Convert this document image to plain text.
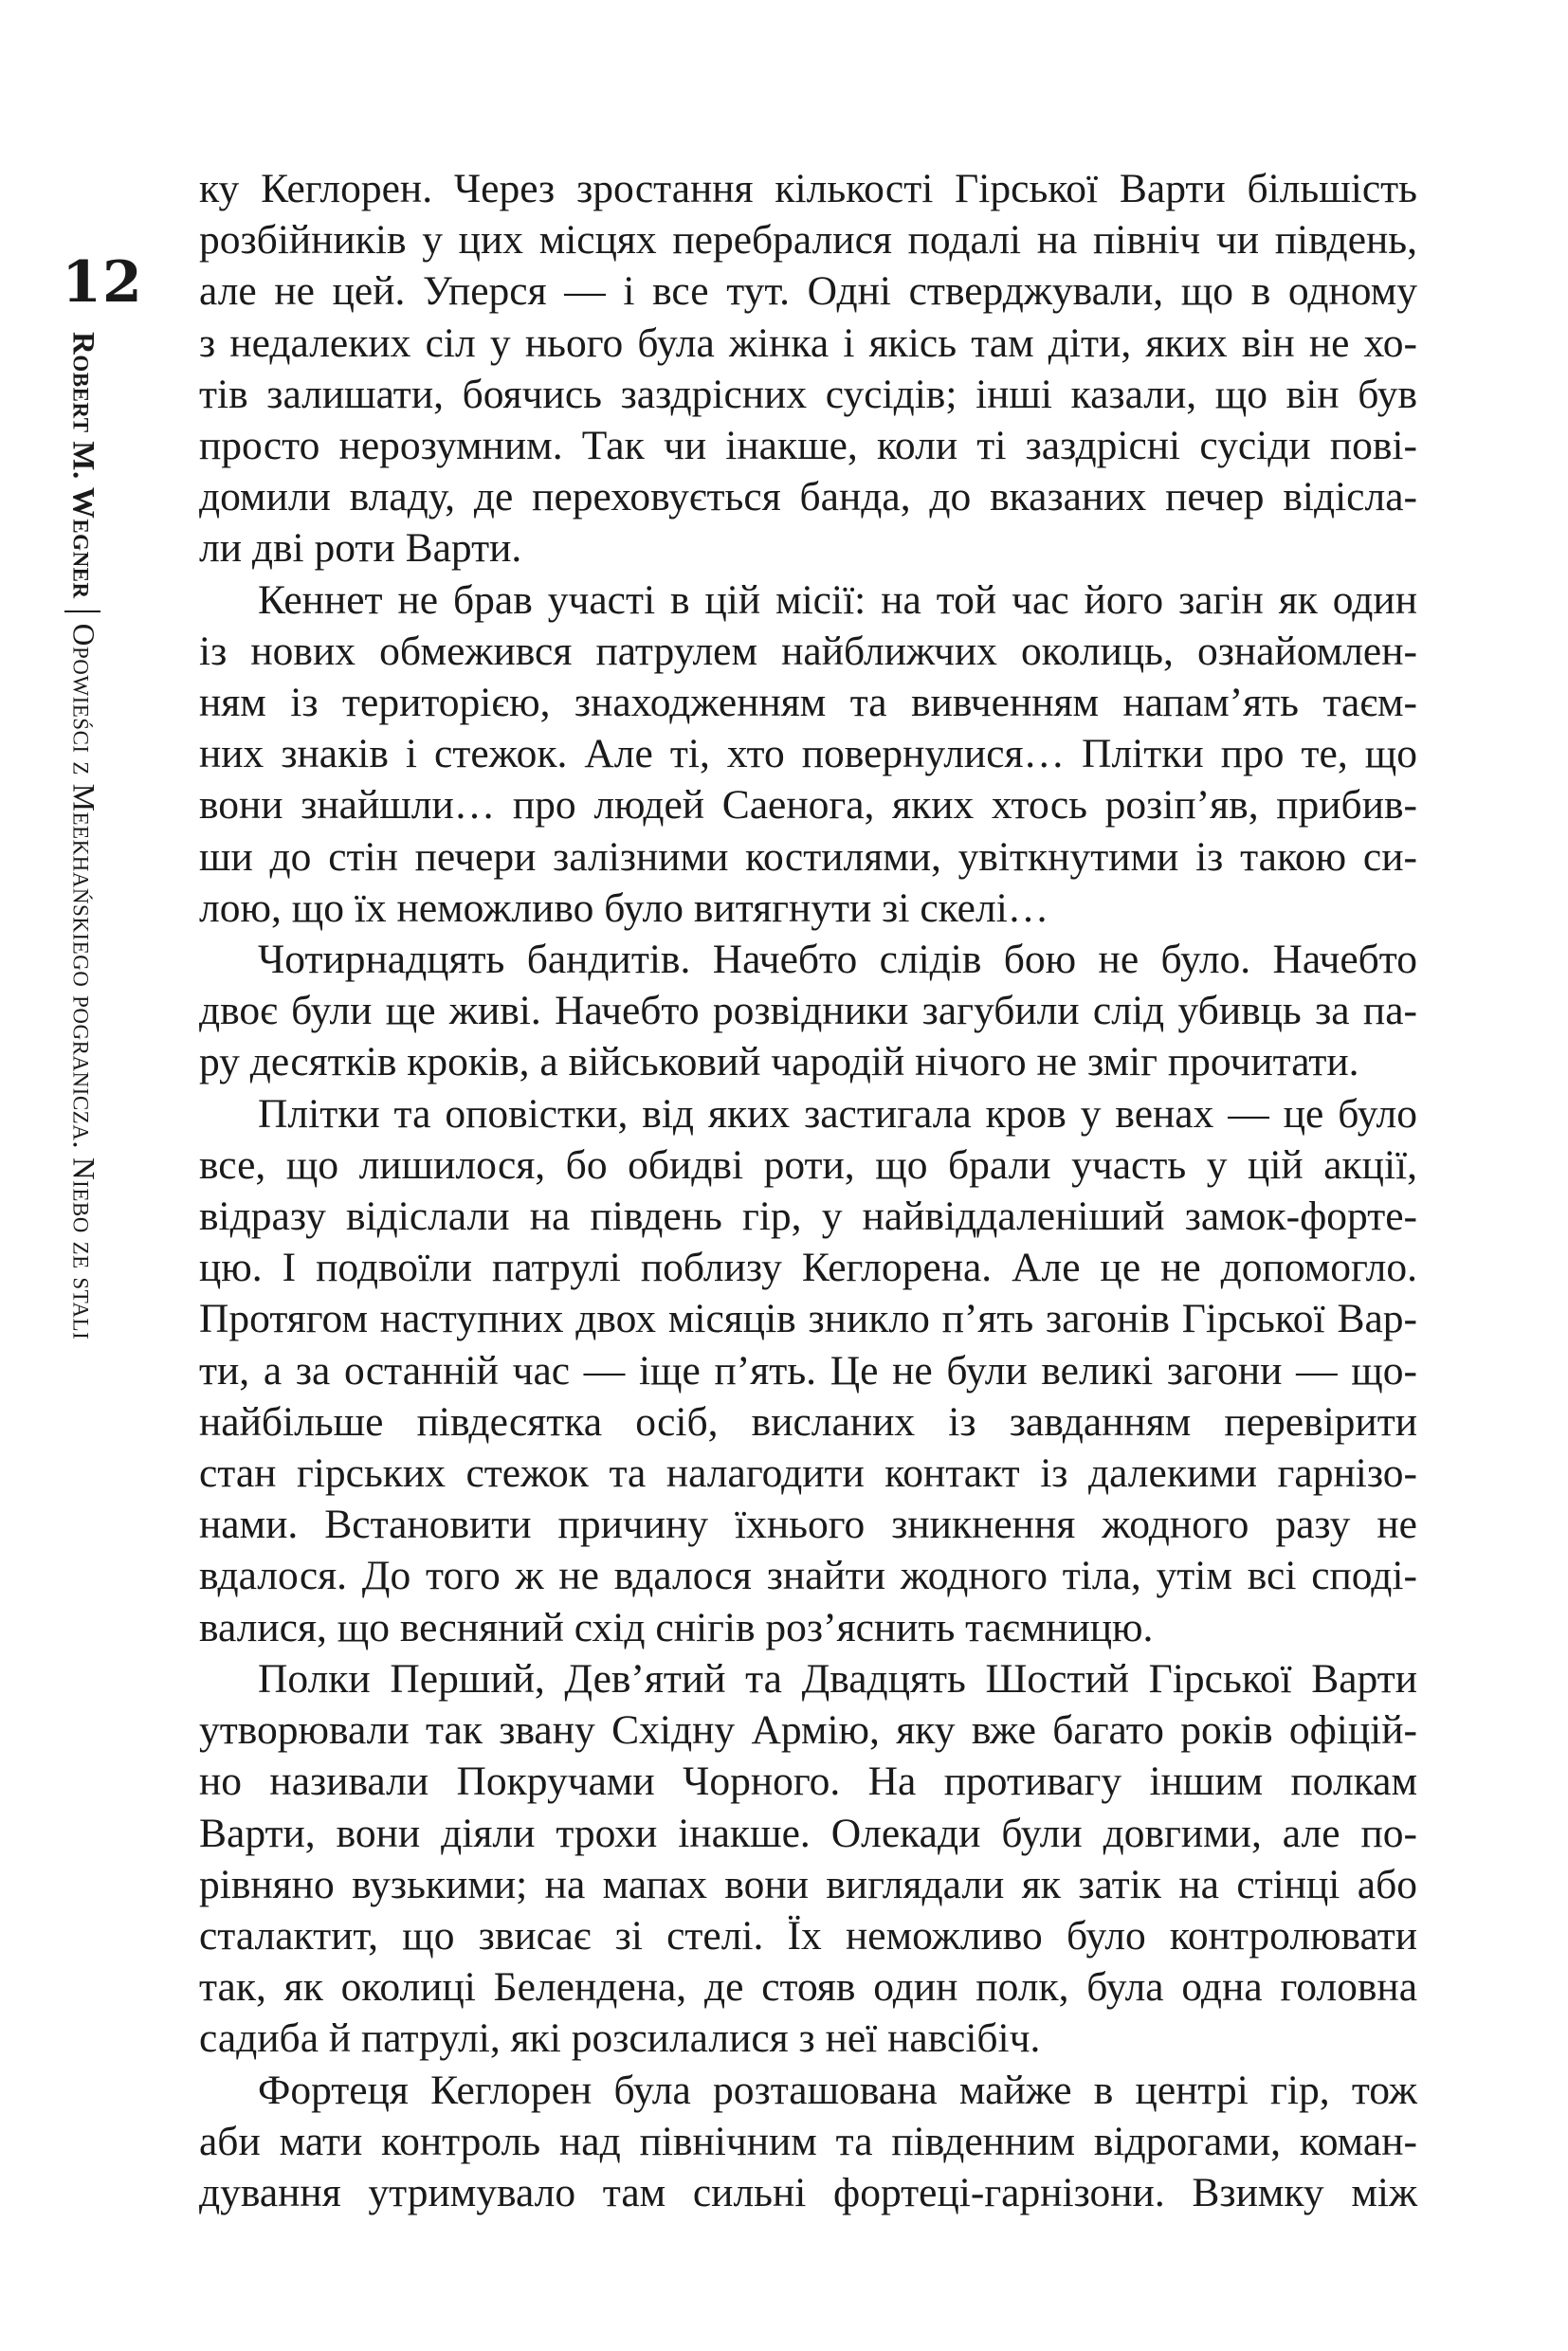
12
Robert M. WegnerOpowieści z Meekhańskiego pogranicza. Niebo ze stali
ку Кеглорен. Через зростання кількості Гірської Варти більшість
розбійників у цих місцях перебралися подалі на північ чи південь,
але не цей. Уперся — і все тут. Одні стверджували, що в одному
з недалеких сіл у нього була жінка і якісь там діти, яких він не хо-
тів залишати, боячись заздрісних сусідів; інші казали, що він був
просто нерозумним. Так чи інакше, коли ті заздрісні сусіди пові-
домили владу, де переховується банда, до вказаних печер відісла-
ли дві роти Варти.
Кеннет не брав участі в цій місії: на той час його загін як один
із нових обмежився патрулем найближчих околиць, ознайомлен-
ням із територією, знаходженням та вивченням напам’ять таєм-
них знаків і стежок. Але ті, хто повернулися… Плітки про те, що
вони знайшли… про людей Саенога, яких хтось розіп’яв, прибив-
ши до стін печери залізними костилями, увіткнутими із такою си-
лою, що їх неможливо було витягнути зі скелі…
Чотирнадцять бандитів. Начебто слідів бою не було. Начебто
двоє були ще живі. Начебто розвідники загубили слід убивць за па-
ру десятків кроків, а військовий чародій нічого не зміг прочитати.
Плітки та оповістки, від яких застигала кров у венах — це було
все, що лишилося, бо обидві роти, що брали участь у цій акції,
відразу відіслали на південь гір, у найвіддаленіший замок-форте-
цю. І подвоїли патрулі поблизу Кеглорена. Але це не допомогло.
Протягом наступних двох місяців зникло п’ять загонів Гірської Вар-
ти, а за останній час — іще п’ять. Це не були великі загони — що-
найбільше півдесятка осіб, висланих із завданням перевірити
стан гірських стежок та налагодити контакт із далекими гарнізо-
нами. Встановити причину їхнього зникнення жодного разу не
вдалося. До того ж не вдалося знайти жодного тіла, утім всі споді-
валися, що весняний схід снігів роз’яснить таємницю.
Полки Перший, Дев’ятий та Двадцять Шостий Гірської Варти
утворювали так звану Східну Армію, яку вже багато років офіцій-
но називали Покручами Чорного. На противагу іншим полкам
Варти, вони діяли трохи інакше. Олекади були довгими, але по-
рівняно вузькими; на мапах вони виглядали як затік на стінці або
сталактит, що звисає зі стелі. Їх неможливо було контролювати
так, як околиці Белендена, де стояв один полк, була одна головна
садиба й патрулі, які розсилалися з неї навсібіч.
Фортеця Кеглорен була розташована майже в центрі гір, тож
аби мати контроль над північним та південним відрогами, коман-
дування утримувало там сильні фортеці-гарнізони. Взимку між
